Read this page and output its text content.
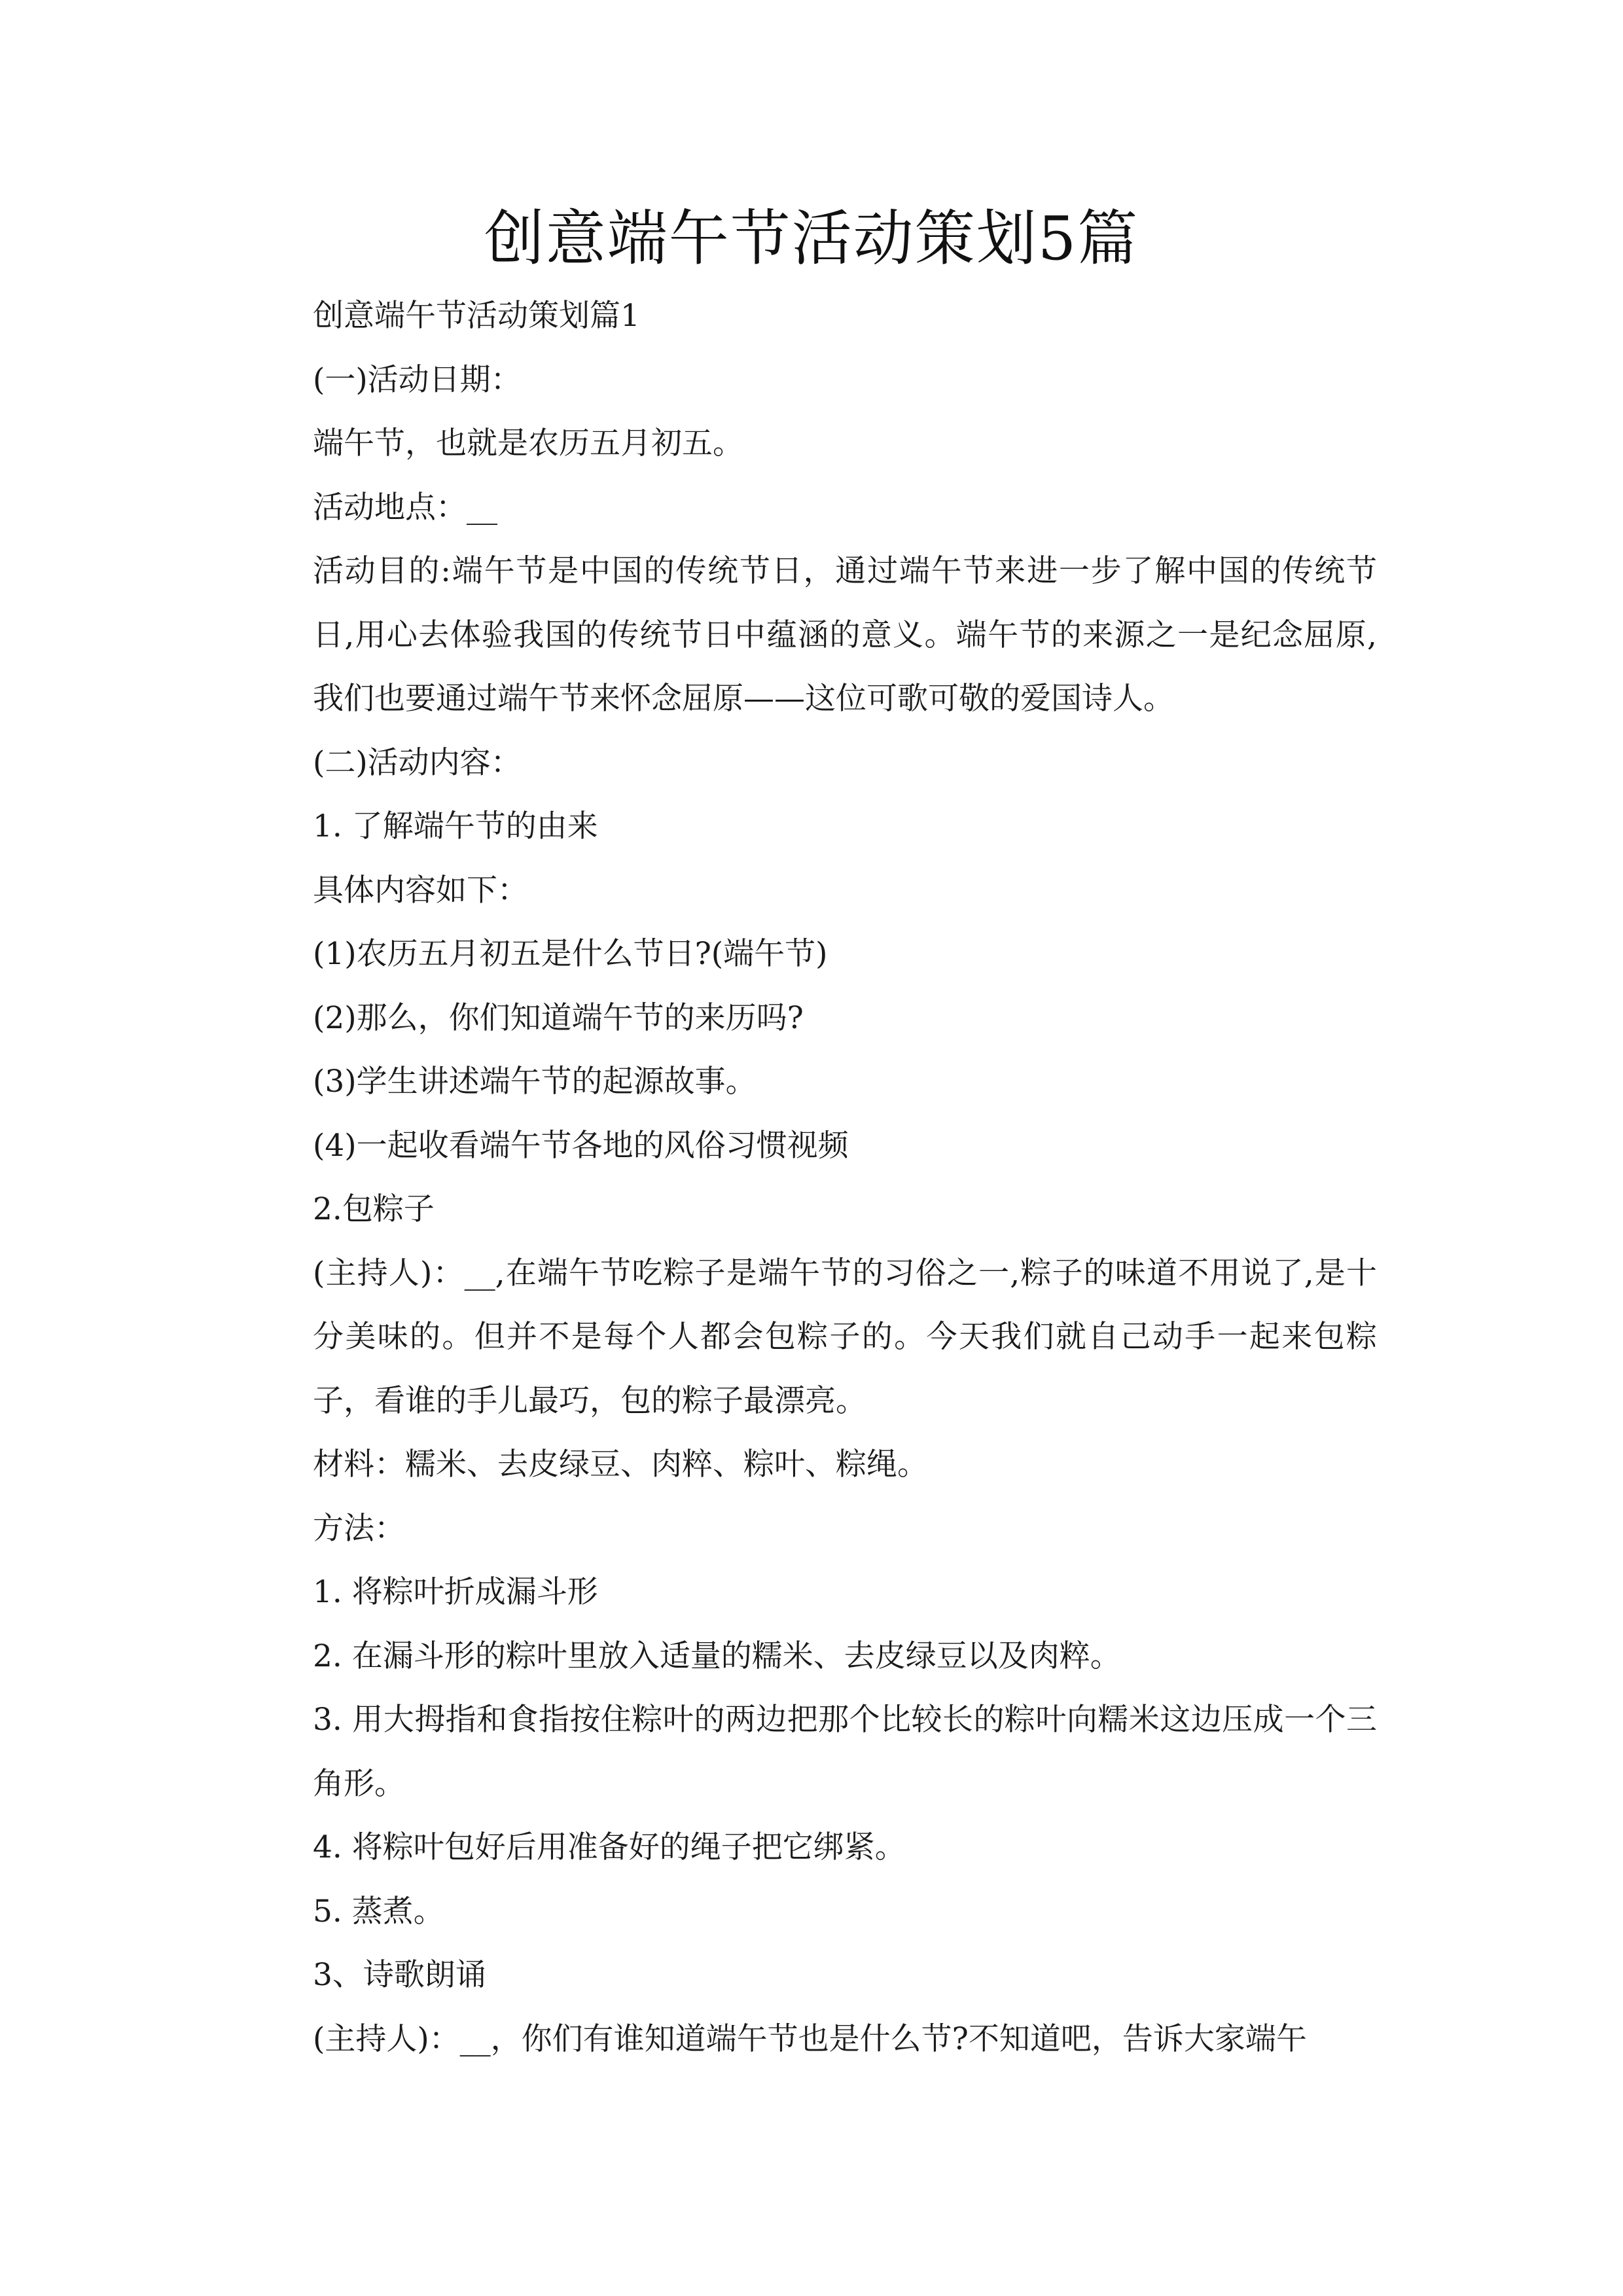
创意端午节活动策划5篇

创意端午节活动策划篇1

(一)活动日期：

端午节，也就是农历五月初五。

活动地点：__

活动目的:端午节是中国的传统节日，通过端午节来进一步了解中国的传统节日,用心去体验我国的传统节日中蕴涵的意义。端午节的来源之一是纪念屈原,我们也要通过端午节来怀念屈原——这位可歌可敬的爱国诗人。

(二)活动内容：

1. 了解端午节的由来

具体内容如下：

(1)农历五月初五是什么节日?(端午节)

(2)那么，你们知道端午节的来历吗?

(3)学生讲述端午节的起源故事。

(4)一起收看端午节各地的风俗习惯视频

2.包粽子

(主持人)：__,在端午节吃粽子是端午节的习俗之一,粽子的味道不用说了,是十分美味的。但并不是每个人都会包粽子的。今天我们就自己动手一起来包粽子，看谁的手儿最巧，包的粽子最漂亮。

材料：糯米、去皮绿豆、肉粹、粽叶、粽绳。

方法：

1. 将粽叶折成漏斗形

2. 在漏斗形的粽叶里放入适量的糯米、去皮绿豆以及肉粹。

3. 用大拇指和食指按住粽叶的两边把那个比较长的粽叶向糯米这边压成一个三角形。

4. 将粽叶包好后用准备好的绳子把它绑紧。

5. 蒸煮。

3、诗歌朗诵

(主持人)：__，你们有谁知道端午节也是什么节?不知道吧，告诉大家端午
